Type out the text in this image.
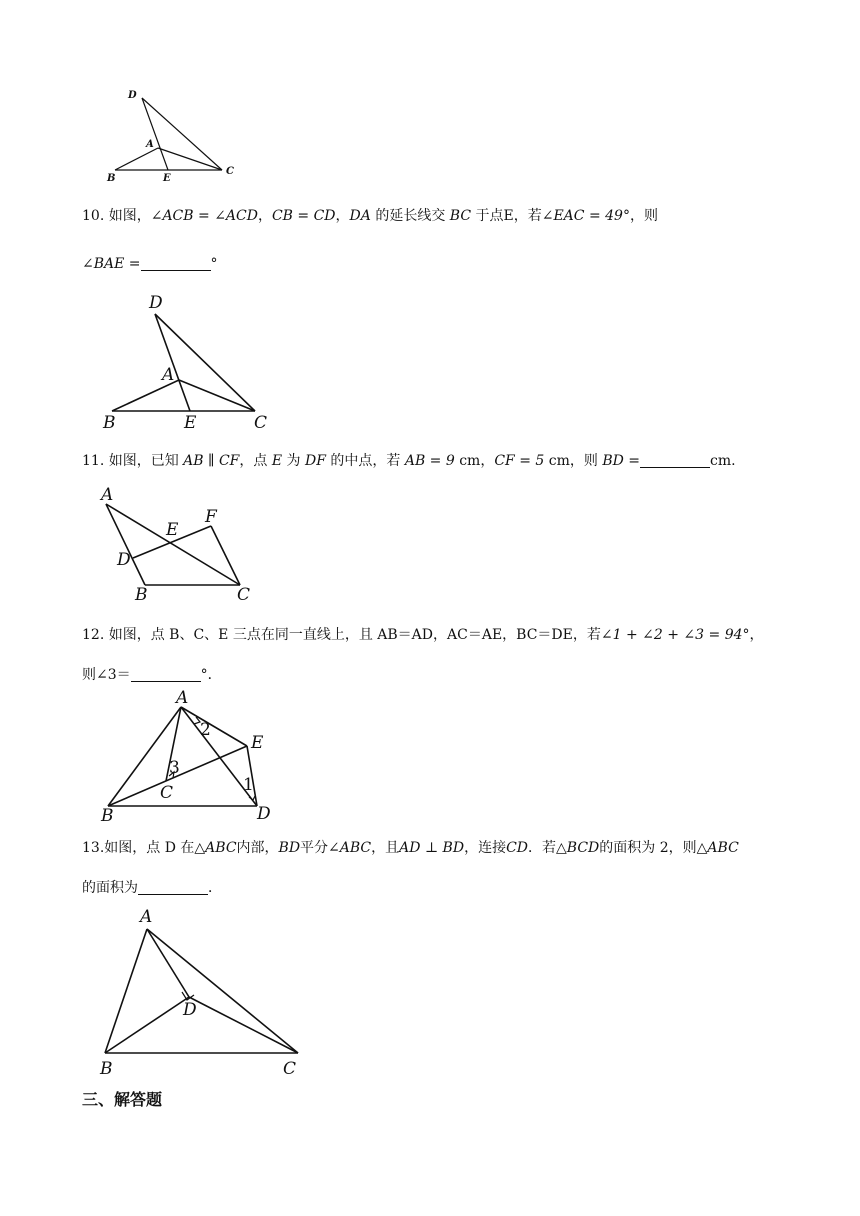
D
A
B	E
C
10. 如图，∠ACB = ∠ACD，CB = CD，DA 的延长线交 BC 于点E，若∠EAC = 49°，则
∠BAE =	°
D
A
B	E	C
11. 如图，已知 AB ∥ CF，点 E 为 DF 的中点，若 AB = 9 cm，CF = 5 cm，则 BD =	cm.
A
F
E
D
B	C
12. 如图，点 B、C、E 三点在同一直线上，且 AB＝AD，AC＝AE，BC＝DE，若∠1 + ∠2 + ∠3 = 94°，
则∠3＝	°．
A
E
B
C
D
1
2
3
13.如图，点 D 在△ABC内部，BD平分∠ABC，且AD ⊥ BD，连接CD．若△BCD的面积为 2，则△ABC
的面积为	．
A
D
B	C
三、解答题
